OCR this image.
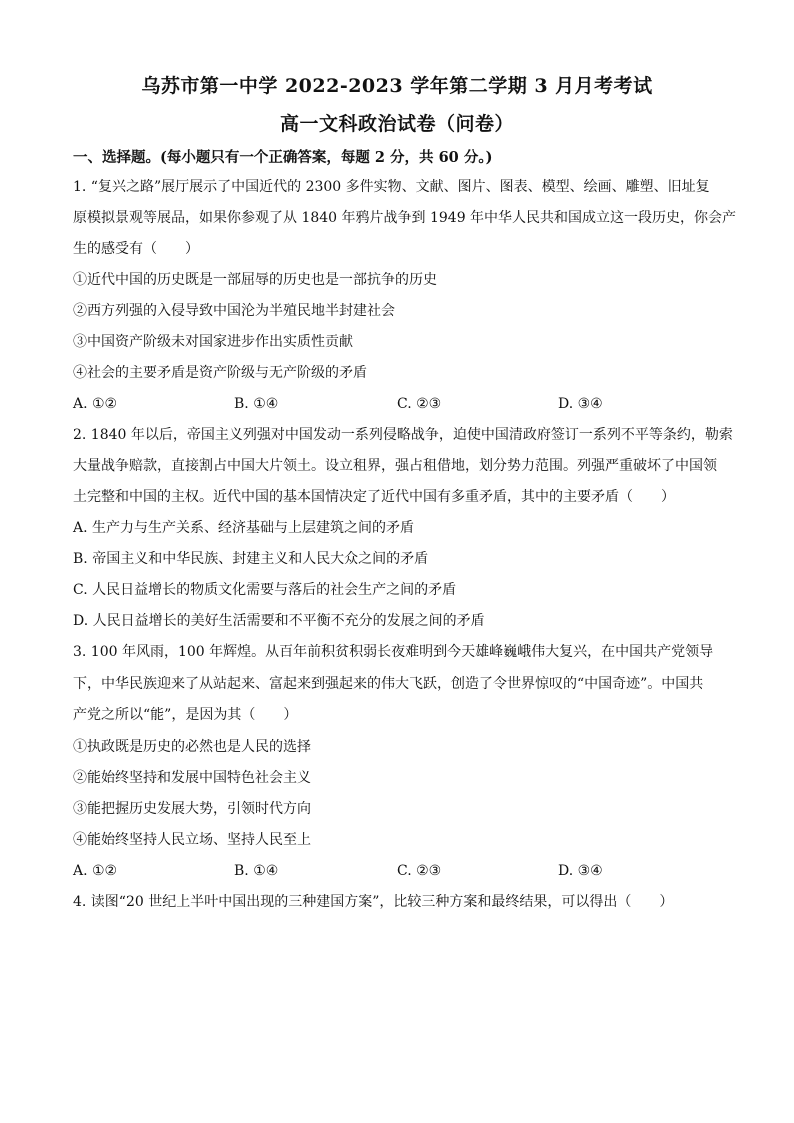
乌苏市第一中学 2022-2023 学年第二学期 3 月月考考试
高一文科政治试卷（问卷）
一、选择题。(每小题只有一个正确答案，每题 2 分，共 60 分。)
1. “复兴之路”展厅展示了中国近代的 2300 多件实物、文献、图片、图表、模型、绘画、雕塑、旧址复
原模拟景观等展品，如果你参观了从 1840 年鸦片战争到 1949 年中华人民共和国成立这一段历史，你会产
生的感受有（　　）
①近代中国的历史既是一部屈辱的历史也是一部抗争的历史
②西方列强的入侵导致中国沦为半殖民地半封建社会
③中国资产阶级未对国家进步作出实质性贡献
④社会的主要矛盾是资产阶级与无产阶级的矛盾
A. ①②	B. ①④	C. ②③	D. ③④
2. 1840 年以后，帝国主义列强对中国发动一系列侵略战争，迫使中国清政府签订一系列不平等条约，勒索
大量战争赔款，直接割占中国大片领土。设立租界，强占租借地，划分势力范围。列强严重破坏了中国领
土完整和中国的主权。近代中国的基本国情决定了近代中国有多重矛盾，其中的主要矛盾（　　）
A. 生产力与生产关系、经济基础与上层建筑之间的矛盾
B. 帝国主义和中华民族、封建主义和人民大众之间的矛盾
C. 人民日益增长的物质文化需要与落后的社会生产之间的矛盾
D. 人民日益增长的美好生活需要和不平衡不充分的发展之间的矛盾
3. 100 年风雨，100 年辉煌。从百年前积贫积弱长夜难明到今天雄峰巍峨伟大复兴，在中国共产党领导
下，中华民族迎来了从站起来、富起来到强起来的伟大飞跃，创造了令世界惊叹的“中国奇迹”。中国共
产党之所以“能”，是因为其（　　）
①执政既是历史的必然也是人民的选择
②能始终坚持和发展中国特色社会主义
③能把握历史发展大势，引领时代方向
④能始终坚持人民立场、坚持人民至上
A. ①②	B. ①④	C. ②③	D. ③④
4. 读图“20 世纪上半叶中国出现的三种建国方案”，比较三种方案和最终结果，可以得出（　　）
